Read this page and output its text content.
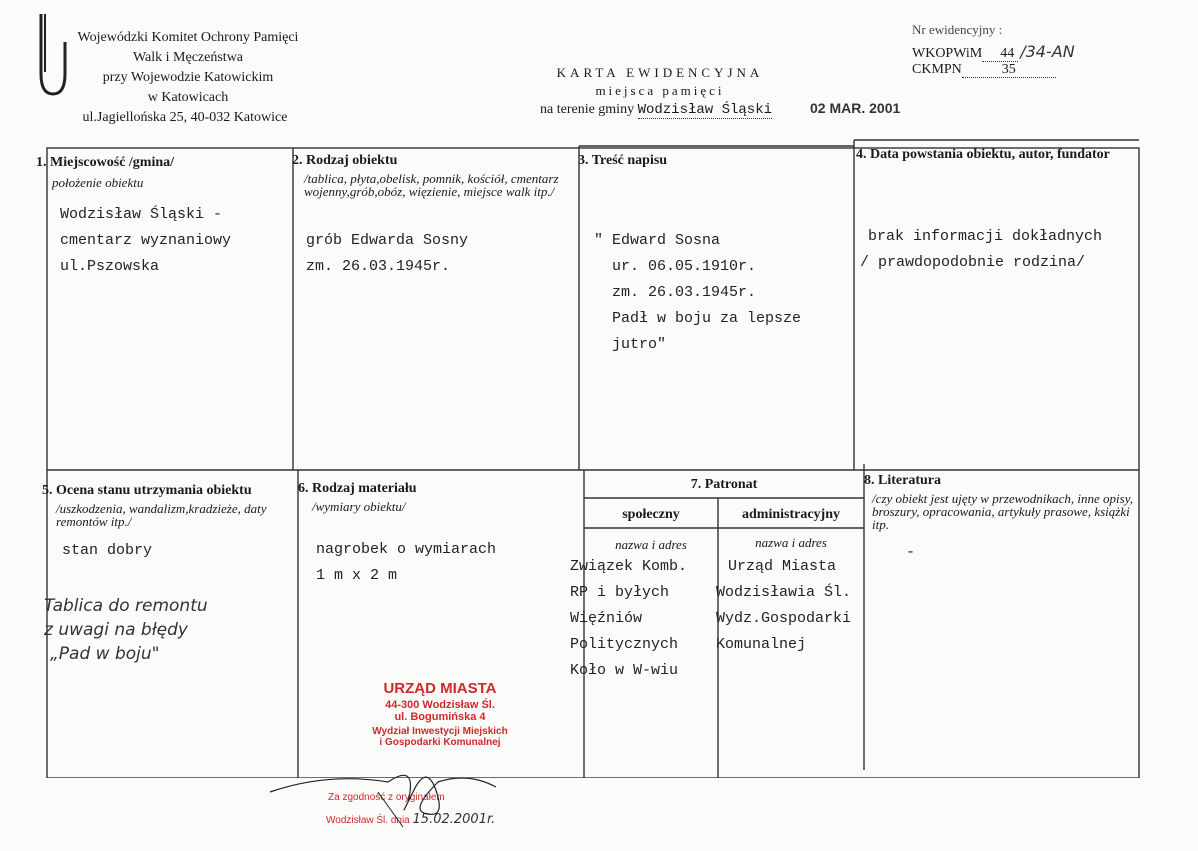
Wojewódzki Komitet Ochrony Pamięci
Walk i Męczeństwa
przy Wojewodzie Katowickim
w Katowicach
ul.Jagiellońska 25, 40-032 Katowice
KARTA EWIDENCYJNA
miejsca pamięci
na terenie gminy Wodzisław Śląski	02 MAR. 2001
Nr ewidencyjny :
WKOPWiM 44 /34-AN
CKMPN	35
1. Miejscowość /gmina/
położenie obiektu
Wodzisław Śląski -
cmentarz wyznaniowy
ul.Pszowska
2. Rodzaj obiektu
/tablica, płyta,obelisk, pomnik, kościół, cmentarz wojenny,grób,obóz, więzienie, miejsce walk itp./
grób Edwarda Sosny
zm. 26.03.1945r.
3. Treść napisu
" Edward Sosna
ur. 06.05.1910r.
zm. 26.03.1945r.
Padł w boju za lepsze
jutro"
4. Data powstania obiektu, autor, fundator
brak informacji dokładnych
/ prawdopodobnie rodzina/
5. Ocena stanu utrzymania obiektu
/uszkodzenia, wandalizm,kradzieże, daty remontów itp./
stan dobry
Tablica do remontu
z uwagi na błędy
„Pad w boju"
6. Rodzaj materiału
/wymiary obiektu/
nagrobek o wymiarach
1 m x 2 m
7. Patronat
społeczny	administracyjny
nazwa i adres	nazwa i adres
Związek Komb.
RP i byłych
Więźniów
Politycznych
Koło w W-wiu
Urząd Miasta
Wodzisławia Śl.
Wydz.Gospodarki
Komunalnej
8. Literatura
/czy obiekt jest ujęty w przewodnikach, inne opisy, broszury, opracowania, artykuły prasowe, książki itp.
-
URZĄD MIASTA
44-300 Wodzisław Śl.
ul. Bogumińska 4
Wydział Inwestycji Miejskich
i Gospodarki Komunalnej
Za zgodność z oryginałem
Wodzisław Śl. dnia 15.02.2001r.
